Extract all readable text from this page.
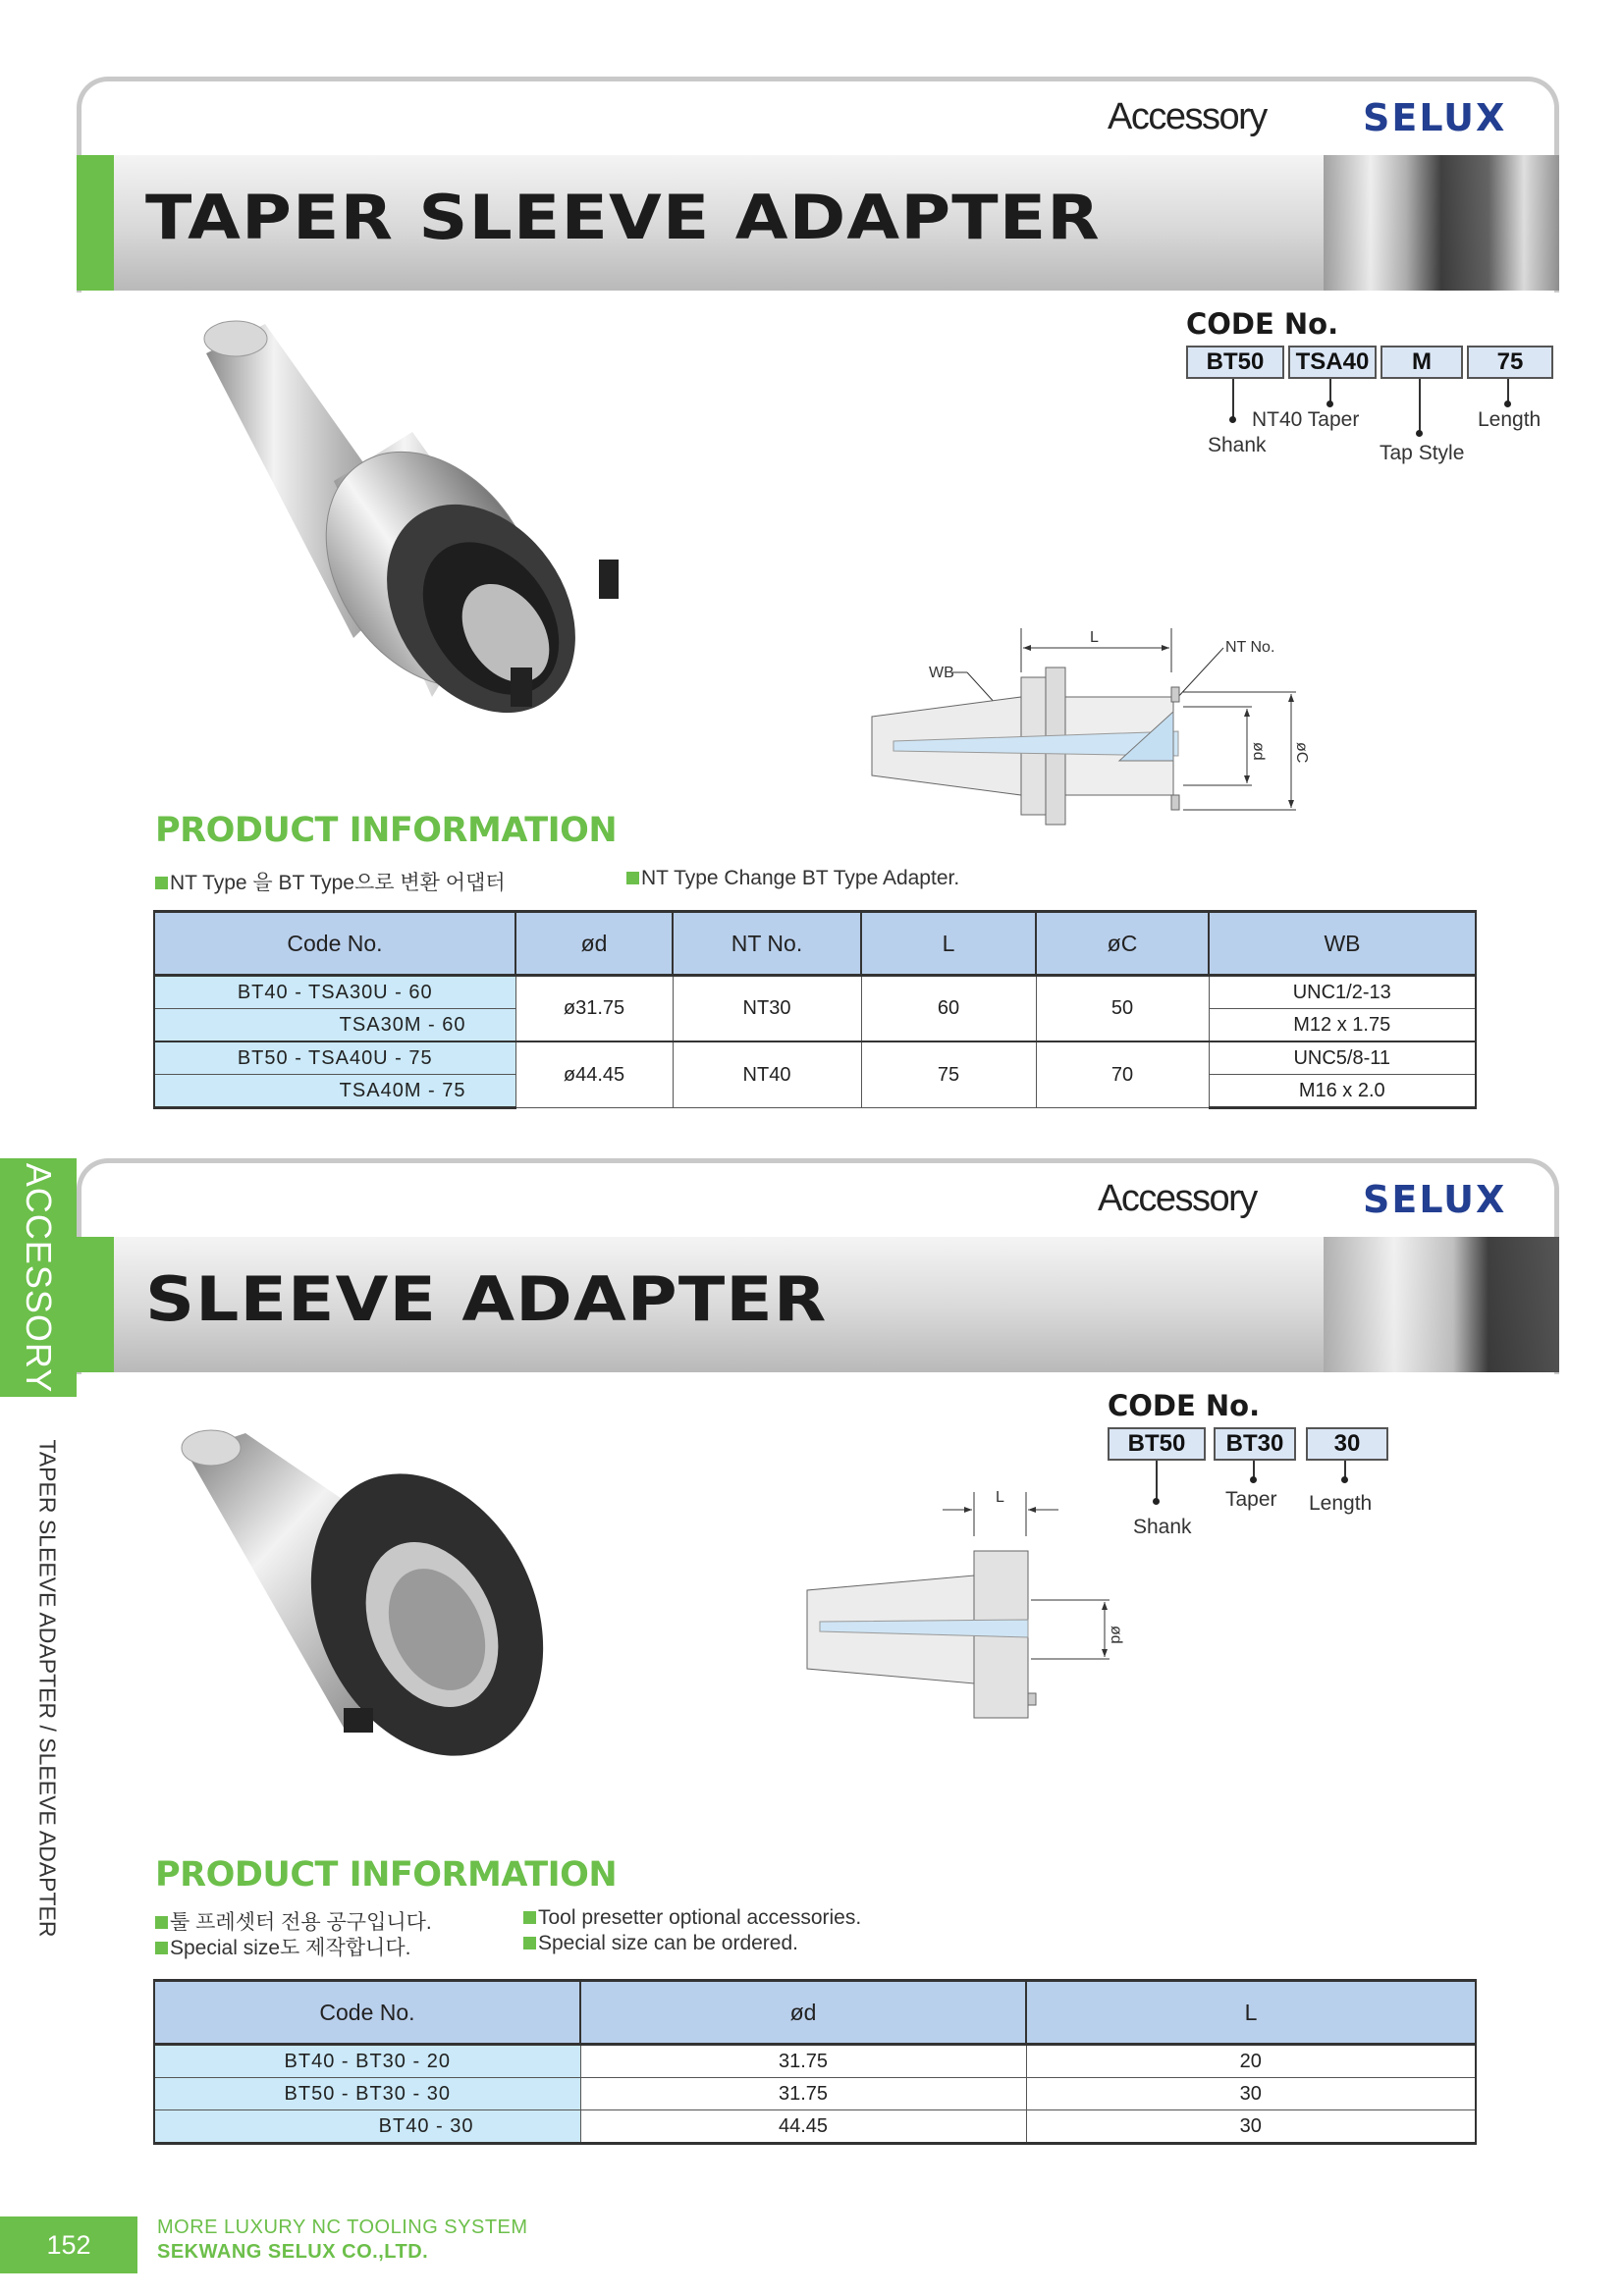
Accessory	SELUX
TAPER SLEEVE ADAPTER
CODE No.
BT50	TSA40	M	75
NT40 Taper	Length
Shank	Tap Style
L
NT No.
WB
ød øC
PRODUCT INFORMATION
NT Type 을 BT Type으로 변환 어댑터	NT Type Change BT Type Adapter.
Code No.	ød	NT No.	L	øC	WB
BT40 - TSA30U - 60	ø31.75	NT30	60	50	UNC1/2-13
TSA30M - 60					M12 x 1.75
BT50 - TSA40U - 75	ø44.45	NT40	75	70	UNC5/8-11
TSA40M - 75					M16 x 2.0
Accessory	SELUX
SLEEVE ADAPTER
CODE No.
BT50	BT30	30
Taper Length
Shank
L
ød
PRODUCT INFORMATION
툴 프레셋터 전용 공구입니다.
Special size도 제작합니다.
Tool presetter optional accessories.
Special size can be ordered.
Code No.	ød	L
BT40 - BT30 - 20	31.75	20
BT50 - BT30 - 30	31.75	30
BT40 - 30	44.45	30
ACCESSORY
TAPER SLEEVE ADAPTER / SLEEVE ADAPTER
152
MORE LUXURY NC TOOLING SYSTEM
SEKWANG SELUX CO.,LTD.
